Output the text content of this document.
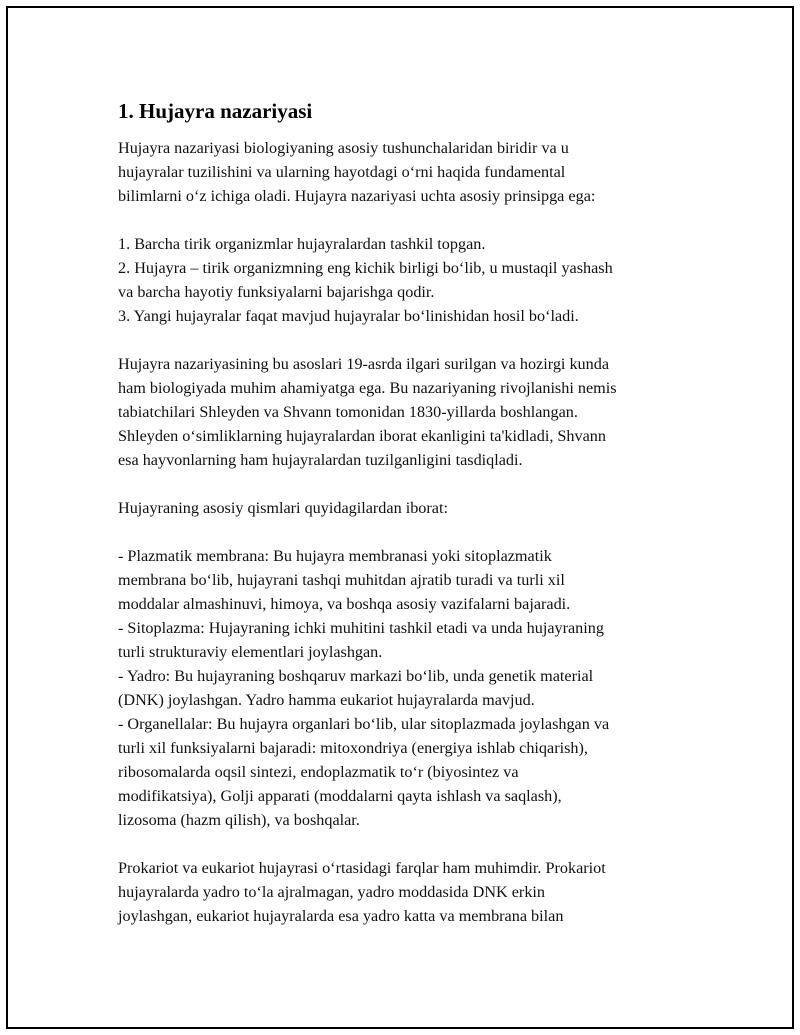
1. Hujayra nazariyasi
Hujayra nazariyasi biologiyaning asosiy tushunchalaridan biridir va u
hujayralar tuzilishini va ularning hayotdagi o‘rni haqida fundamental
bilimlarni o‘z ichiga oladi. Hujayra nazariyasi uchta asosiy prinsipga ega:
1. Barcha tirik organizmlar hujayralardan tashkil topgan.
2. Hujayra – tirik organizmning eng kichik birligi bo‘lib, u mustaqil yashash
va barcha hayotiy funksiyalarni bajarishga qodir.
3. Yangi hujayralar faqat mavjud hujayralar bo‘linishidan hosil bo‘ladi.
Hujayra nazariyasining bu asoslari 19-asrda ilgari surilgan va hozirgi kunda
ham biologiyada muhim ahamiyatga ega. Bu nazariyaning rivojlanishi nemis
tabiatchilari Shleyden va Shvann tomonidan 1830-yillarda boshlangan.
Shleyden o‘simliklarning hujayralardan iborat ekanligini ta'kidladi, Shvann
esa hayvonlarning ham hujayralardan tuzilganligini tasdiqladi.
Hujayraning asosiy qismlari quyidagilardan iborat:
- Plazmatik membrana: Bu hujayra membranasi yoki sitoplazmatik
membrana bo‘lib, hujayrani tashqi muhitdan ajratib turadi va turli xil
moddalar almashinuvi, himoya, va boshqa asosiy vazifalarni bajaradi.
- Sitoplazma: Hujayraning ichki muhitini tashkil etadi va unda hujayraning
turli strukturaviy elementlari joylashgan.
- Yadro: Bu hujayraning boshqaruv markazi bo‘lib, unda genetik material
(DNK) joylashgan. Yadro hamma eukariot hujayralarda mavjud.
- Organellalar: Bu hujayra organlari bo‘lib, ular sitoplazmada joylashgan va
turli xil funksiyalarni bajaradi: mitoxondriya (energiya ishlab chiqarish),
ribosomalarda oqsil sintezi, endoplazmatik to‘r (biyosintez va
modifikatsiya), Golji apparati (moddalarni qayta ishlash va saqlash),
lizosoma (hazm qilish), va boshqalar.
Prokariot va eukariot hujayrasi o‘rtasidagi farqlar ham muhimdir. Prokariot
hujayralarda yadro to‘la ajralmagan, yadro moddasida DNK erkin
joylashgan, eukariot hujayralarda esa yadro katta va membrana bilan
